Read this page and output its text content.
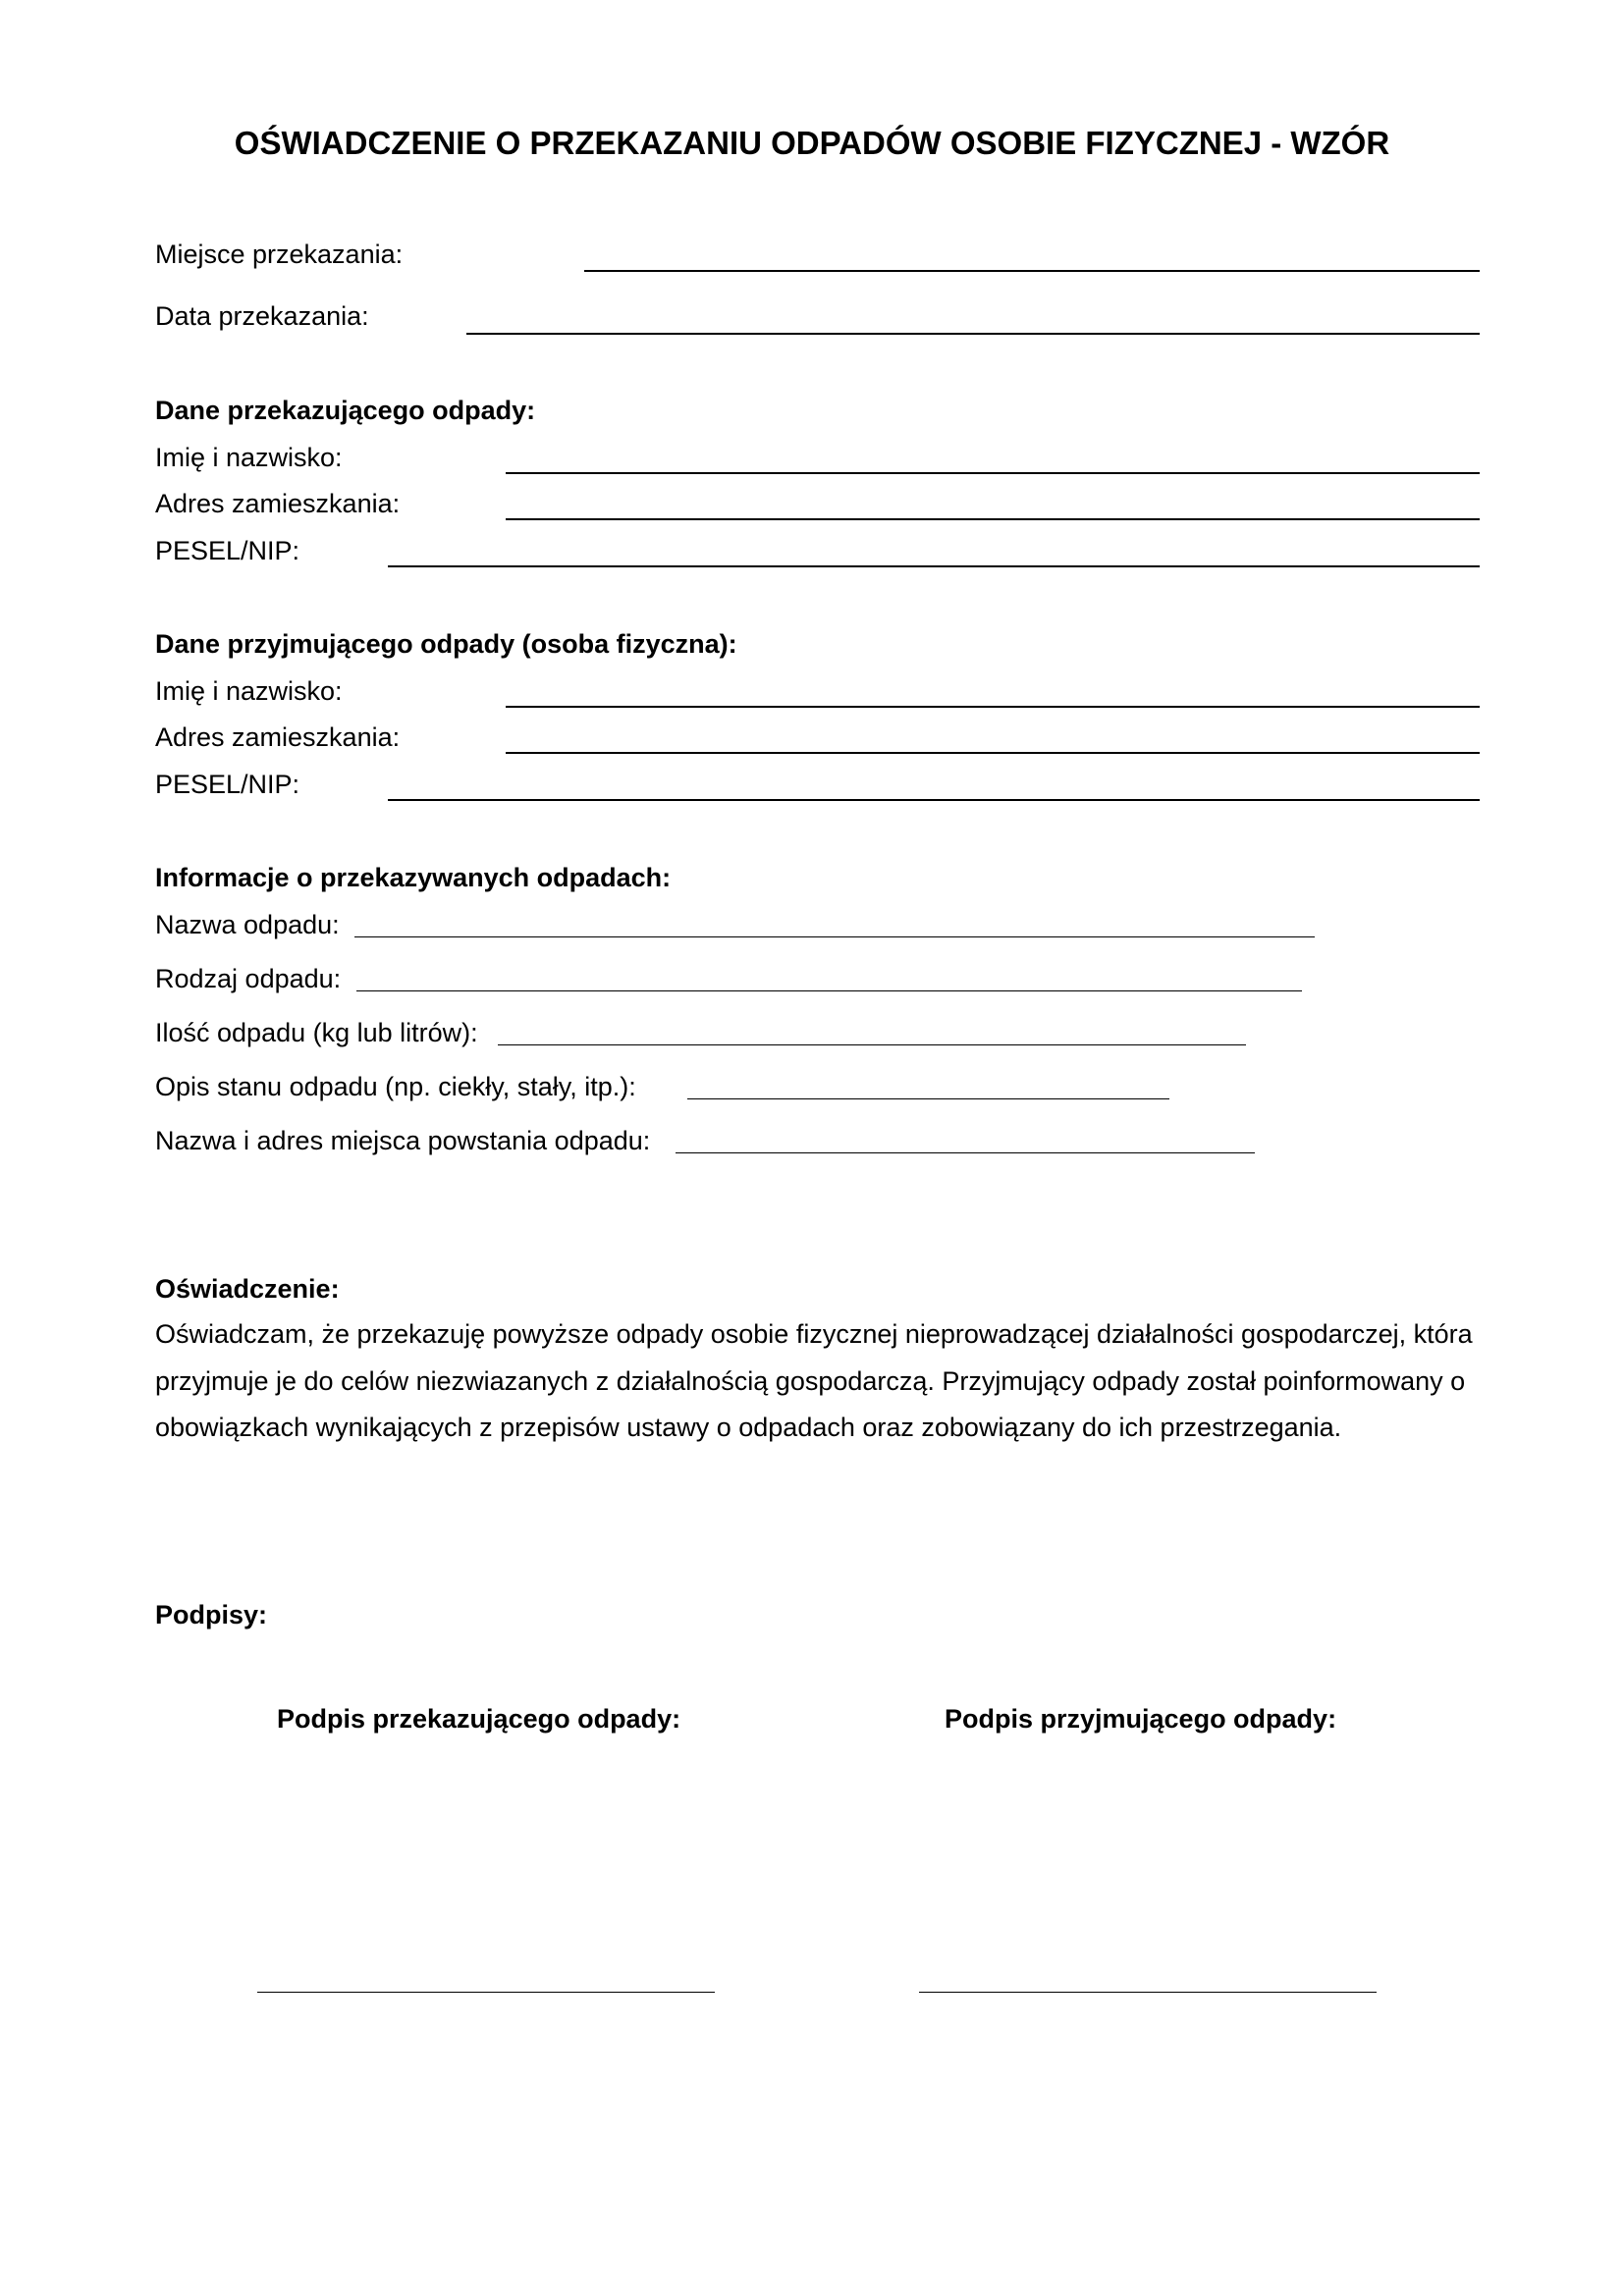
OŚWIADCZENIE O PRZEKAZANIU ODPADÓW OSOBIE FIZYCZNEJ - WZÓR
Miejsce przekazania:
Data przekazania:
Dane przekazującego odpady:
Imię i nazwisko:
Adres zamieszkania:
PESEL/NIP:
Dane przyjmującego odpady (osoba fizyczna):
Imię i nazwisko:
Adres zamieszkania:
PESEL/NIP:
Informacje o przekazywanych odpadach:
Nazwa odpadu:
Rodzaj odpadu:
Ilość odpadu (kg lub litrów):
Opis stanu odpadu (np. ciekły, stały, itp.):
Nazwa i adres miejsca powstania odpadu:
Oświadczenie:
Oświadczam, że przekazuję powyższe odpady osobie fizycznej nieprowadzącej działalności gospodarczej, która przyjmuje je do celów niezwiazanych z działalnością gospodarczą. Przyjmujący odpady został poinformowany o obowiązkach wynikających z przepisów ustawy o odpadach oraz zobowiązany do ich przestrzegania.
Podpisy:
Podpis przekazującego odpady:	Podpis przyjmującego odpady:
